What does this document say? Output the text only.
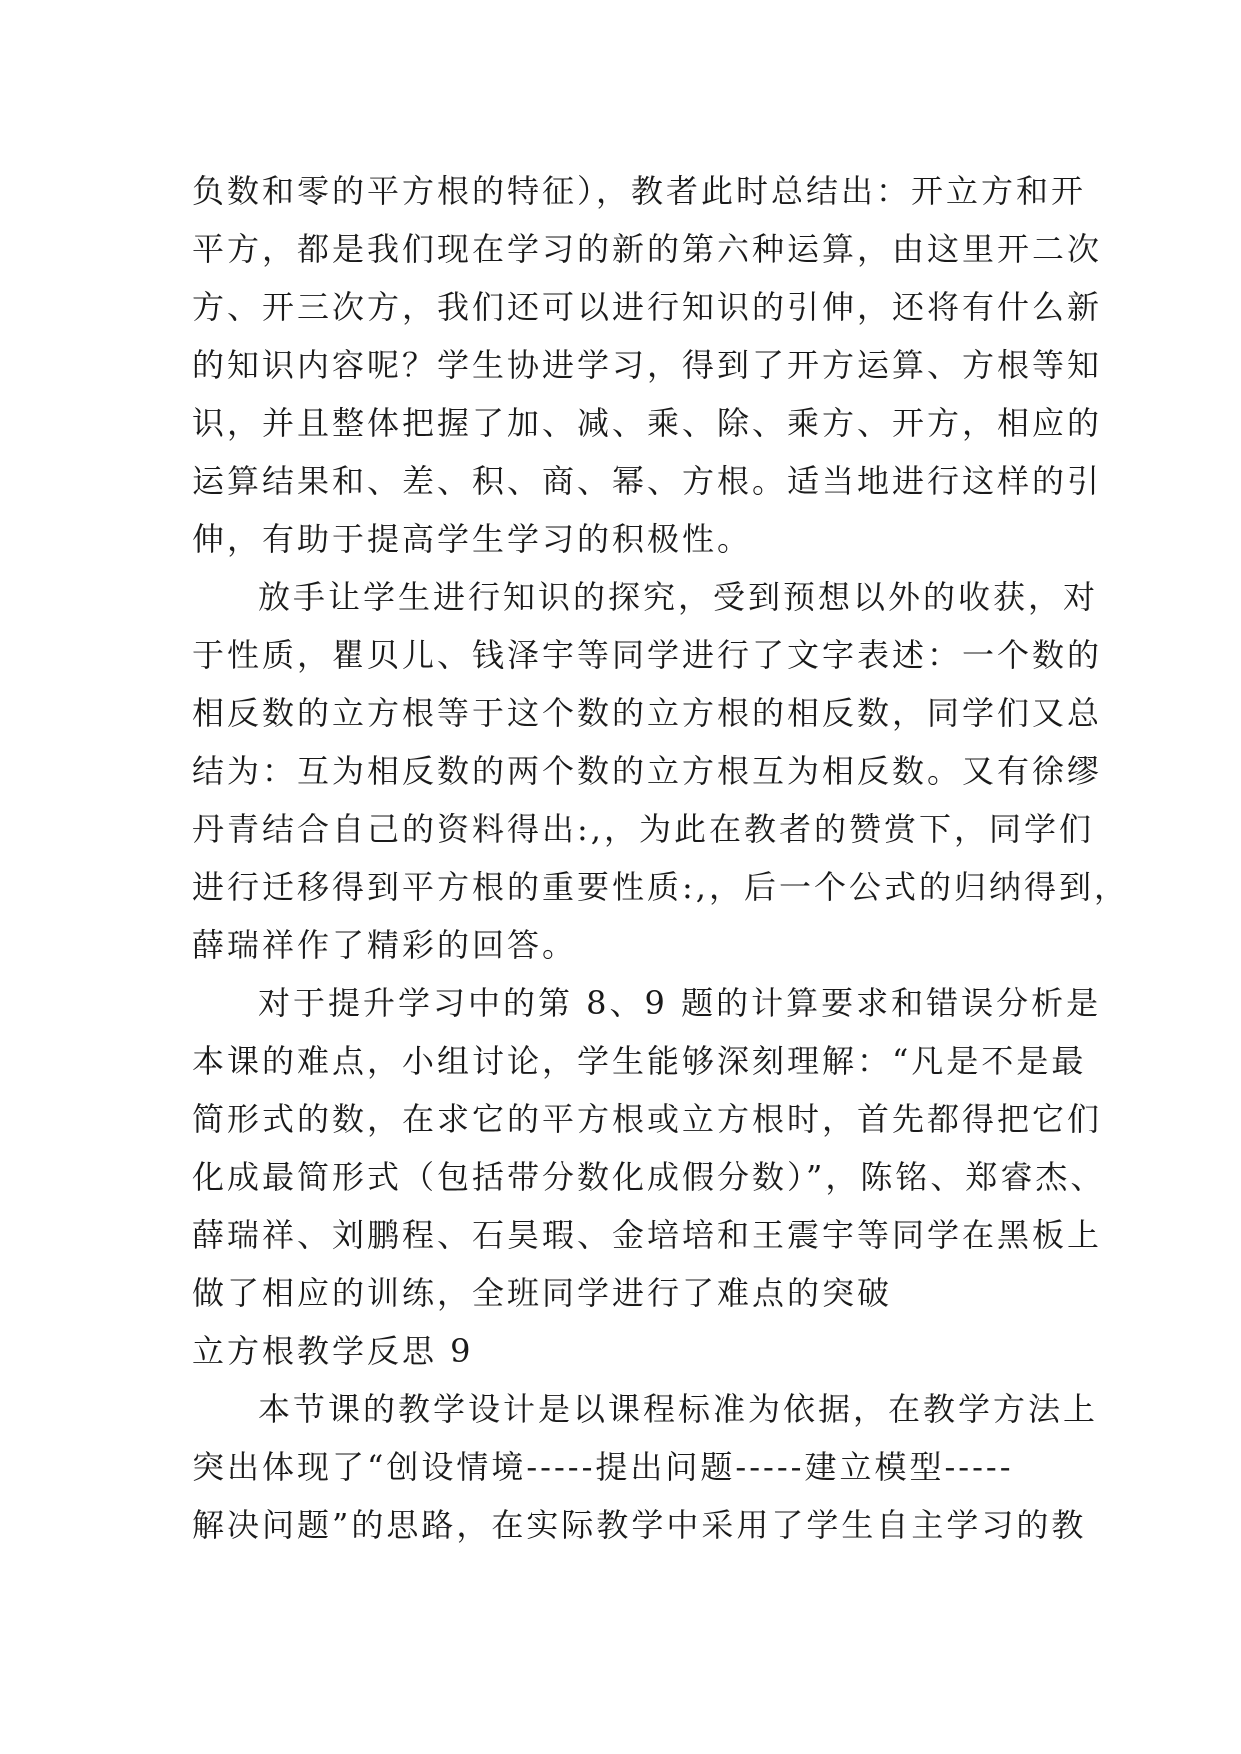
负数和零的平方根的特征），教者此时总结出：开立方和开
平方，都是我们现在学习的新的第六种运算，由这里开二次
方、开三次方，我们还可以进行知识的引伸，还将有什么新
的知识内容呢？学生协进学习，得到了开方运算、方根等知
识，并且整体把握了加、减、乘、除、乘方、开方，相应的
运算结果和、差、积、商、幂、方根。适当地进行这样的引
伸，有助于提高学生学习的积极性。
放手让学生进行知识的探究，受到预想以外的收获，对
于性质，瞿贝儿、钱泽宇等同学进行了文字表述：一个数的
相反数的立方根等于这个数的立方根的相反数，同学们又总
结为：互为相反数的两个数的立方根互为相反数。又有徐缪
丹青结合自己的资料得出:,，为此在教者的赞赏下，同学们
进行迁移得到平方根的重要性质:,，后一个公式的归纳得到，
薛瑞祥作了精彩的回答。
对于提升学习中的第 8、9 题的计算要求和错误分析是
本课的难点，小组讨论，学生能够深刻理解：“凡是不是最
简形式的数，在求它的平方根或立方根时，首先都得把它们
化成最简形式（包括带分数化成假分数）”，陈铭、郑睿杰、
薛瑞祥、刘鹏程、石昊瑕、金培培和王震宇等同学在黑板上
做了相应的训练，全班同学进行了难点的突破
立方根教学反思 9
本节课的教学设计是以课程标准为依据，在教学方法上
突出体现了“创设情境-----提出问题-----建立模型-----
解决问题”的思路，在实际教学中采用了学生自主学习的教
